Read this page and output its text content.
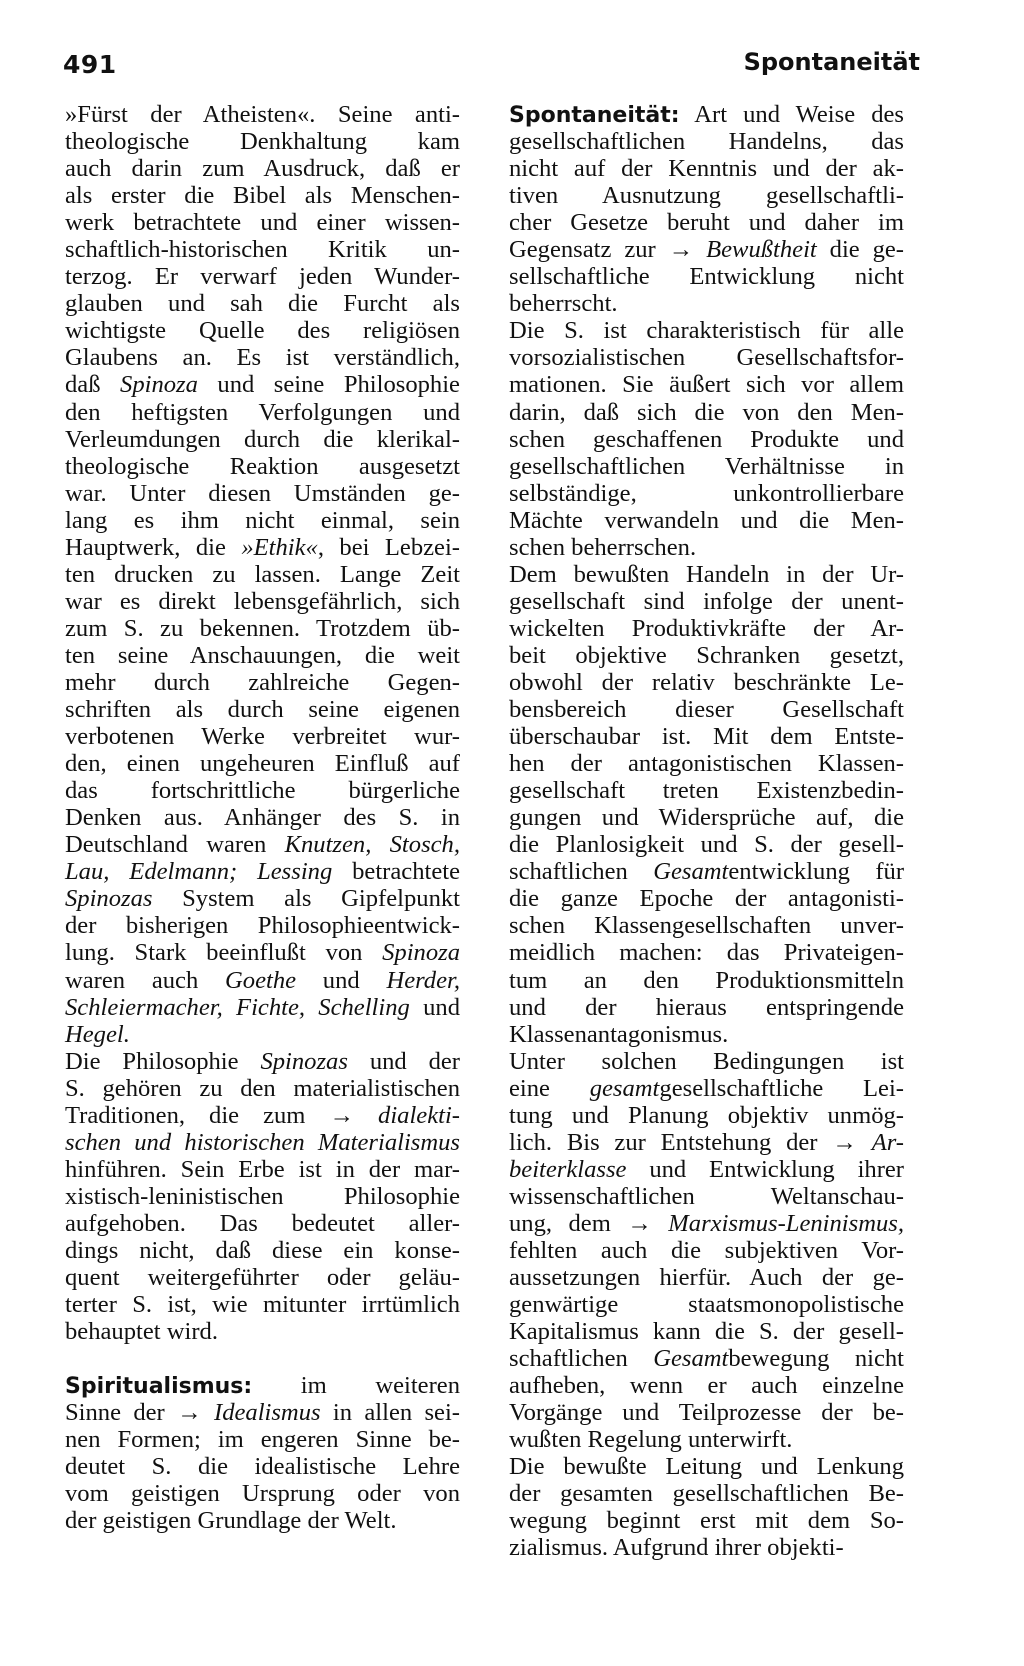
491	Spontaneität
»Fürst der Atheisten«. Seine anti-
theologische Denkhaltung kam
auch darin zum Ausdruck, daß er
als erster die Bibel als Menschen-
werk betrachtete und einer wissen-
schaftlich-historischen Kritik un-
terzog. Er verwarf jeden Wunder-
glauben und sah die Furcht als
wichtigste Quelle des religiösen
Glaubens an. Es ist verständlich,
daß Spinoza und seine Philosophie
den heftigsten Verfolgungen und
Verleumdungen durch die klerikal-
theologische Reaktion ausgesetzt
war. Unter diesen Umständen ge-
lang es ihm nicht einmal, sein
Hauptwerk, die »Ethik«, bei Lebzei-
ten drucken zu lassen. Lange Zeit
war es direkt lebensgefährlich, sich
zum S. zu bekennen. Trotzdem üb-
ten seine Anschauungen, die weit
mehr durch zahlreiche Gegen-
schriften als durch seine eigenen
verbotenen Werke verbreitet wur-
den, einen ungeheuren Einfluß auf
das fortschrittliche bürgerliche
Denken aus. Anhänger des S. in
Deutschland waren Knutzen, Stosch,
Lau, Edelmann; Lessing betrachtete
Spinozas System als Gipfelpunkt
der bisherigen Philosophieentwick-
lung. Stark beeinflußt von Spinoza
waren auch Goethe und Herder,
Schleiermacher, Fichte, Schelling und
Hegel.
Die Philosophie Spinozas und der
S. gehören zu den materialistischen
Traditionen, die zum → dialekti-
schen und historischen Materialismus
hinführen. Sein Erbe ist in der mar-
xistisch-leninistischen Philosophie
aufgehoben. Das bedeutet aller-
dings nicht, daß diese ein konse-
quent weitergeführter oder geläu-
terter S. ist, wie mitunter irrtümlich
behauptet wird.
Spiritualismus: im weiteren
Sinne der → Idealismus in allen sei-
nen Formen; im engeren Sinne be-
deutet S. die idealistische Lehre
vom geistigen Ursprung oder von
der geistigen Grundlage der Welt.
Spontaneität: Art und Weise des
gesellschaftlichen Handelns, das
nicht auf der Kenntnis und der ak-
tiven Ausnutzung gesellschaftli-
cher Gesetze beruht und daher im
Gegensatz zur → Bewußtheit die ge-
sellschaftliche Entwicklung nicht
beherrscht.
Die S. ist charakteristisch für alle
vorsozialistischen Gesellschaftsfor-
mationen. Sie äußert sich vor allem
darin, daß sich die von den Men-
schen geschaffenen Produkte und
gesellschaftlichen Verhältnisse in
selbständige, unkontrollierbare
Mächte verwandeln und die Men-
schen beherrschen.
Dem bewußten Handeln in der Ur-
gesellschaft sind infolge der unent-
wickelten Produktivkräfte der Ar-
beit objektive Schranken gesetzt,
obwohl der relativ beschränkte Le-
bensbereich dieser Gesellschaft
überschaubar ist. Mit dem Entste-
hen der antagonistischen Klassen-
gesellschaft treten Existenzbedin-
gungen und Widersprüche auf, die
die Planlosigkeit und S. der gesell-
schaftlichen Gesamtentwicklung für
die ganze Epoche der antagonisti-
schen Klassengesellschaften unver-
meidlich machen: das Privateigen-
tum an den Produktionsmitteln
und der hieraus entspringende
Klassenantagonismus.
Unter solchen Bedingungen ist
eine gesamtgesellschaftliche Lei-
tung und Planung objektiv unmög-
lich. Bis zur Entstehung der → Ar-
beiterklasse und Entwicklung ihrer
wissenschaftlichen Weltanschau-
ung, dem → Marxismus-Leninismus,
fehlten auch die subjektiven Vor-
aussetzungen hierfür. Auch der ge-
genwärtige staatsmonopolistische
Kapitalismus kann die S. der gesell-
schaftlichen Gesamtbewegung nicht
aufheben, wenn er auch einzelne
Vorgänge und Teilprozesse der be-
wußten Regelung unterwirft.
Die bewußte Leitung und Lenkung
der gesamten gesellschaftlichen Be-
wegung beginnt erst mit dem So-
zialismus. Aufgrund ihrer objekti-
